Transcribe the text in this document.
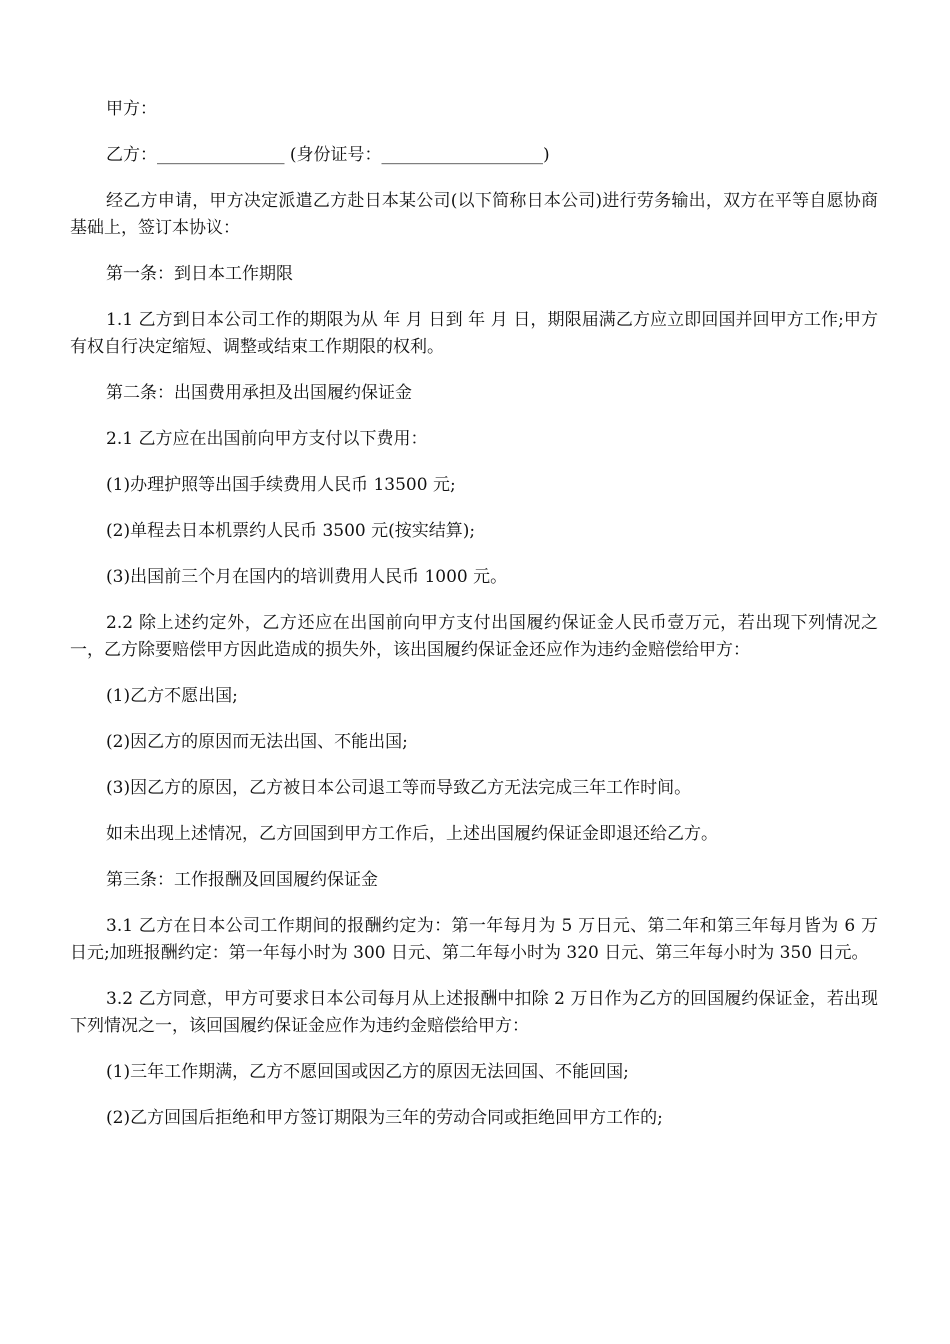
甲方：

乙方：_______________ (身份证号：___________________)

经乙方申请，甲方决定派遣乙方赴日本某公司(以下简称日本公司)进行劳务输出，双方在平等自愿协商基础上，签订本协议：

第一条：到日本工作期限

1.1 乙方到日本公司工作的期限为从 年 月 日到 年 月 日，期限届满乙方应立即回国并回甲方工作;甲方有权自行决定缩短、调整或结束工作期限的权利。

第二条：出国费用承担及出国履约保证金

2.1 乙方应在出国前向甲方支付以下费用：

(1)办理护照等出国手续费用人民币 13500 元;

(2)单程去日本机票约人民币 3500 元(按实结算);

(3)出国前三个月在国内的培训费用人民币 1000 元。

2.2 除上述约定外，乙方还应在出国前向甲方支付出国履约保证金人民币壹万元，若出现下列情况之一，乙方除要赔偿甲方因此造成的损失外，该出国履约保证金还应作为违约金赔偿给甲方：

(1)乙方不愿出国;

(2)因乙方的原因而无法出国、不能出国;

(3)因乙方的原因，乙方被日本公司退工等而导致乙方无法完成三年工作时间。

如未出现上述情况，乙方回国到甲方工作后，上述出国履约保证金即退还给乙方。

第三条：工作报酬及回国履约保证金

3.1 乙方在日本公司工作期间的报酬约定为：第一年每月为 5 万日元、第二年和第三年每月皆为 6 万日元;加班报酬约定：第一年每小时为 300 日元、第二年每小时为 320 日元、第三年每小时为 350 日元。

3.2 乙方同意，甲方可要求日本公司每月从上述报酬中扣除 2 万日作为乙方的回国履约保证金，若出现下列情况之一，该回国履约保证金应作为违约金赔偿给甲方：

(1)三年工作期满，乙方不愿回国或因乙方的原因无法回国、不能回国;

(2)乙方回国后拒绝和甲方签订期限为三年的劳动合同或拒绝回甲方工作的;
